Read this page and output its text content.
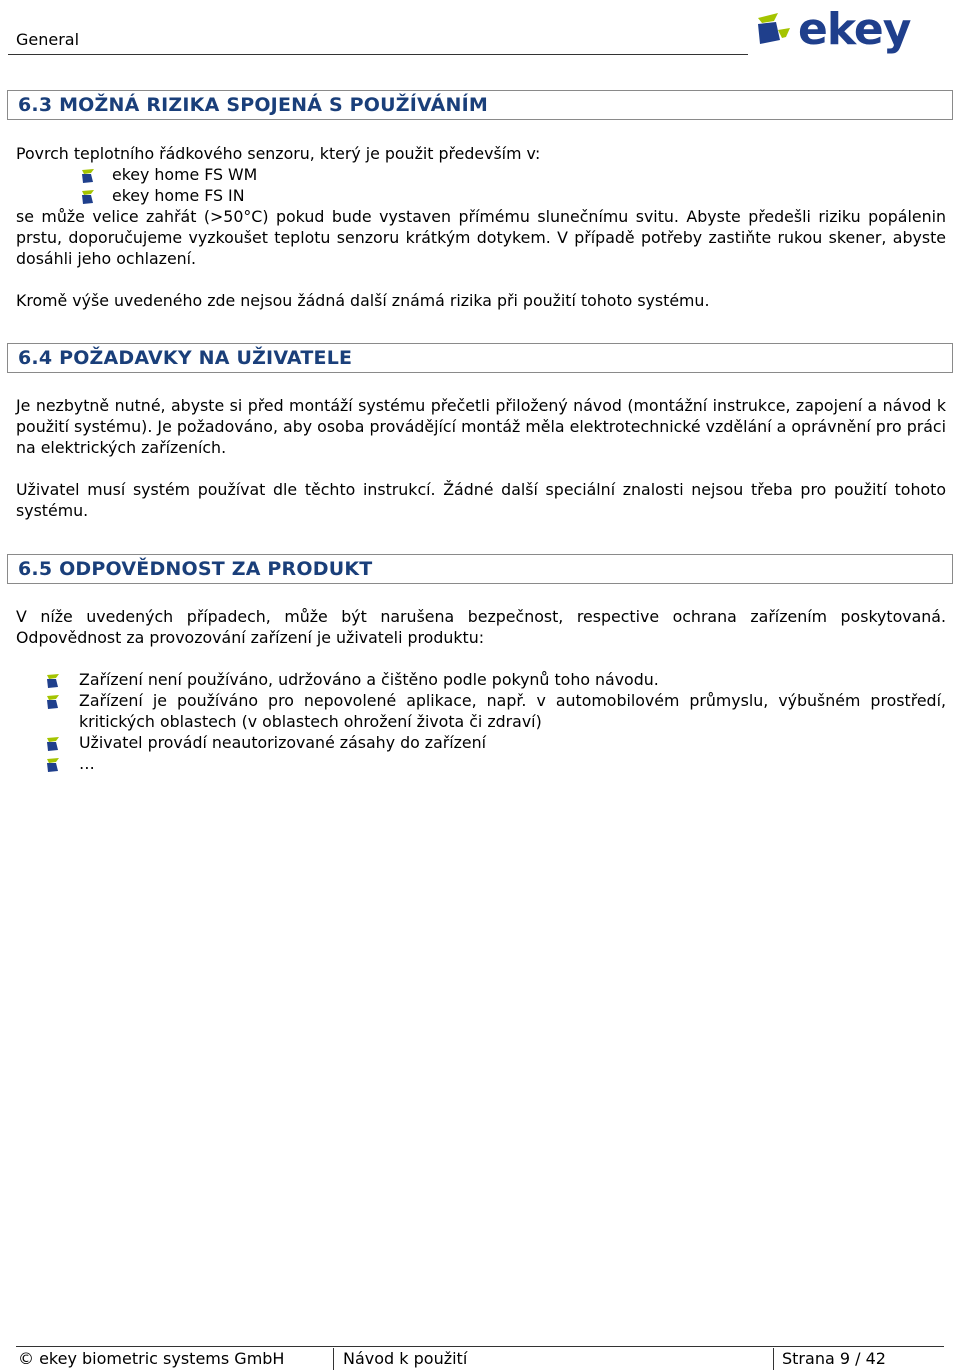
General	ekey
6.3 MOŽNÁ RIZIKA SPOJENÁ S POUŽÍVÁNÍM

Povrch teplotního řádkového senzoru, který je použit především v:

ekey home FS WM
ekey home FS IN

se může velice zahřát (>50°C) pokud bude vystaven přímému slunečnímu svitu. Abyste předešli riziku popálenin prstu, doporučujeme vyzkoušet teplotu senzoru krátkým dotykem. V případě potřeby zastiňte rukou skener, abyste dosáhli jeho ochlazení.

Kromě výše uvedeného zde nejsou žádná další známá rizika při použití tohoto systému.

6.4 POŽADAVKY NA UŽIVATELE

Je nezbytně nutné, abyste si před montáží systému přečetli přiložený návod (montážní instrukce, zapojení a návod k použití systému). Je požadováno, aby osoba provádějící montáž měla elektrotechnické vzdělání a oprávnění pro práci na elektrických zařízeních.

Uživatel musí systém používat dle těchto instrukcí. Žádné další speciální znalosti nejsou třeba pro použití tohoto systému.

6.5 ODPOVĚDNOST ZA PRODUKT

V níže uvedených případech, může být narušena bezpečnost, respective ochrana zařízením poskytovaná. Odpovědnost za provozování zařízení je uživateli produktu:

Zařízení není používáno, udržováno a čištěno podle pokynů toho návodu.
Zařízení je používáno pro nepovolené aplikace, např. v automobilovém průmyslu, výbušném prostředí, kritických oblastech (v oblastech ohrožení života či zdraví)
Uživatel provádí neautorizované zásahy do zařízení
…
© ekey biometric systems GmbH	Návod k použití	Strana 9 / 42
